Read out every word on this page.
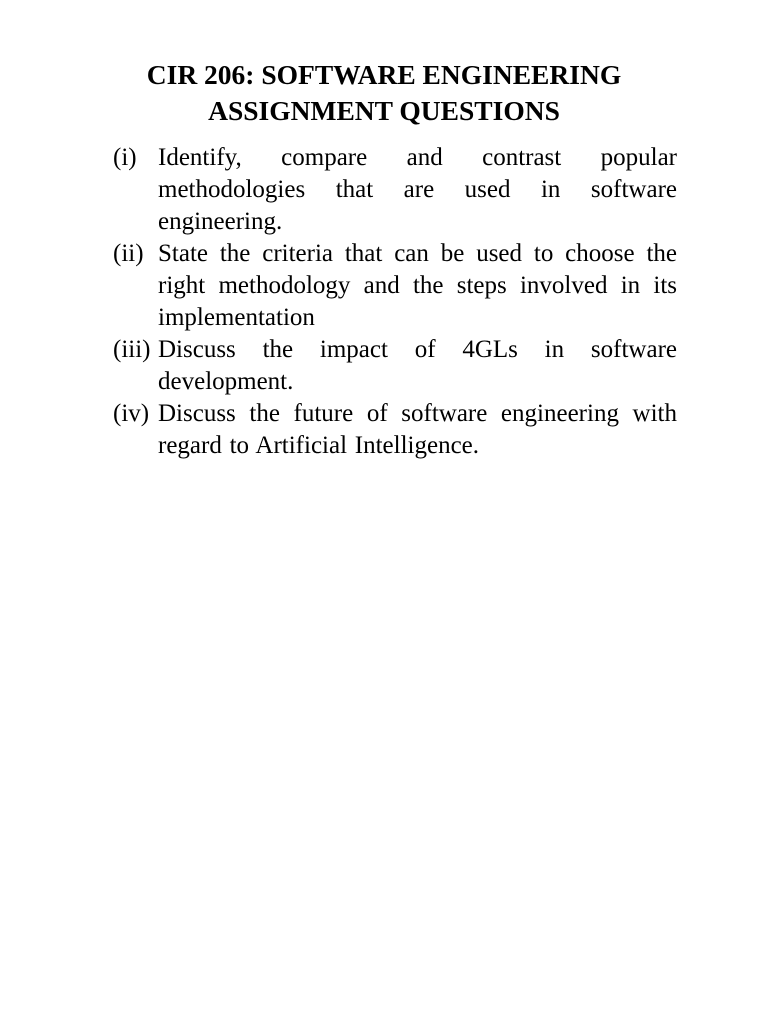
CIR 206: SOFTWARE ENGINEERING
ASSIGNMENT QUESTIONS
(i) Identify, compare and contrast popular methodologies that are used in software engineering.
(ii) State the criteria that can be used to choose the right methodology and the steps involved in its implementation
(iii) Discuss the impact of 4GLs in software development.
(iv) Discuss the future of software engineering with regard to Artificial Intelligence.
